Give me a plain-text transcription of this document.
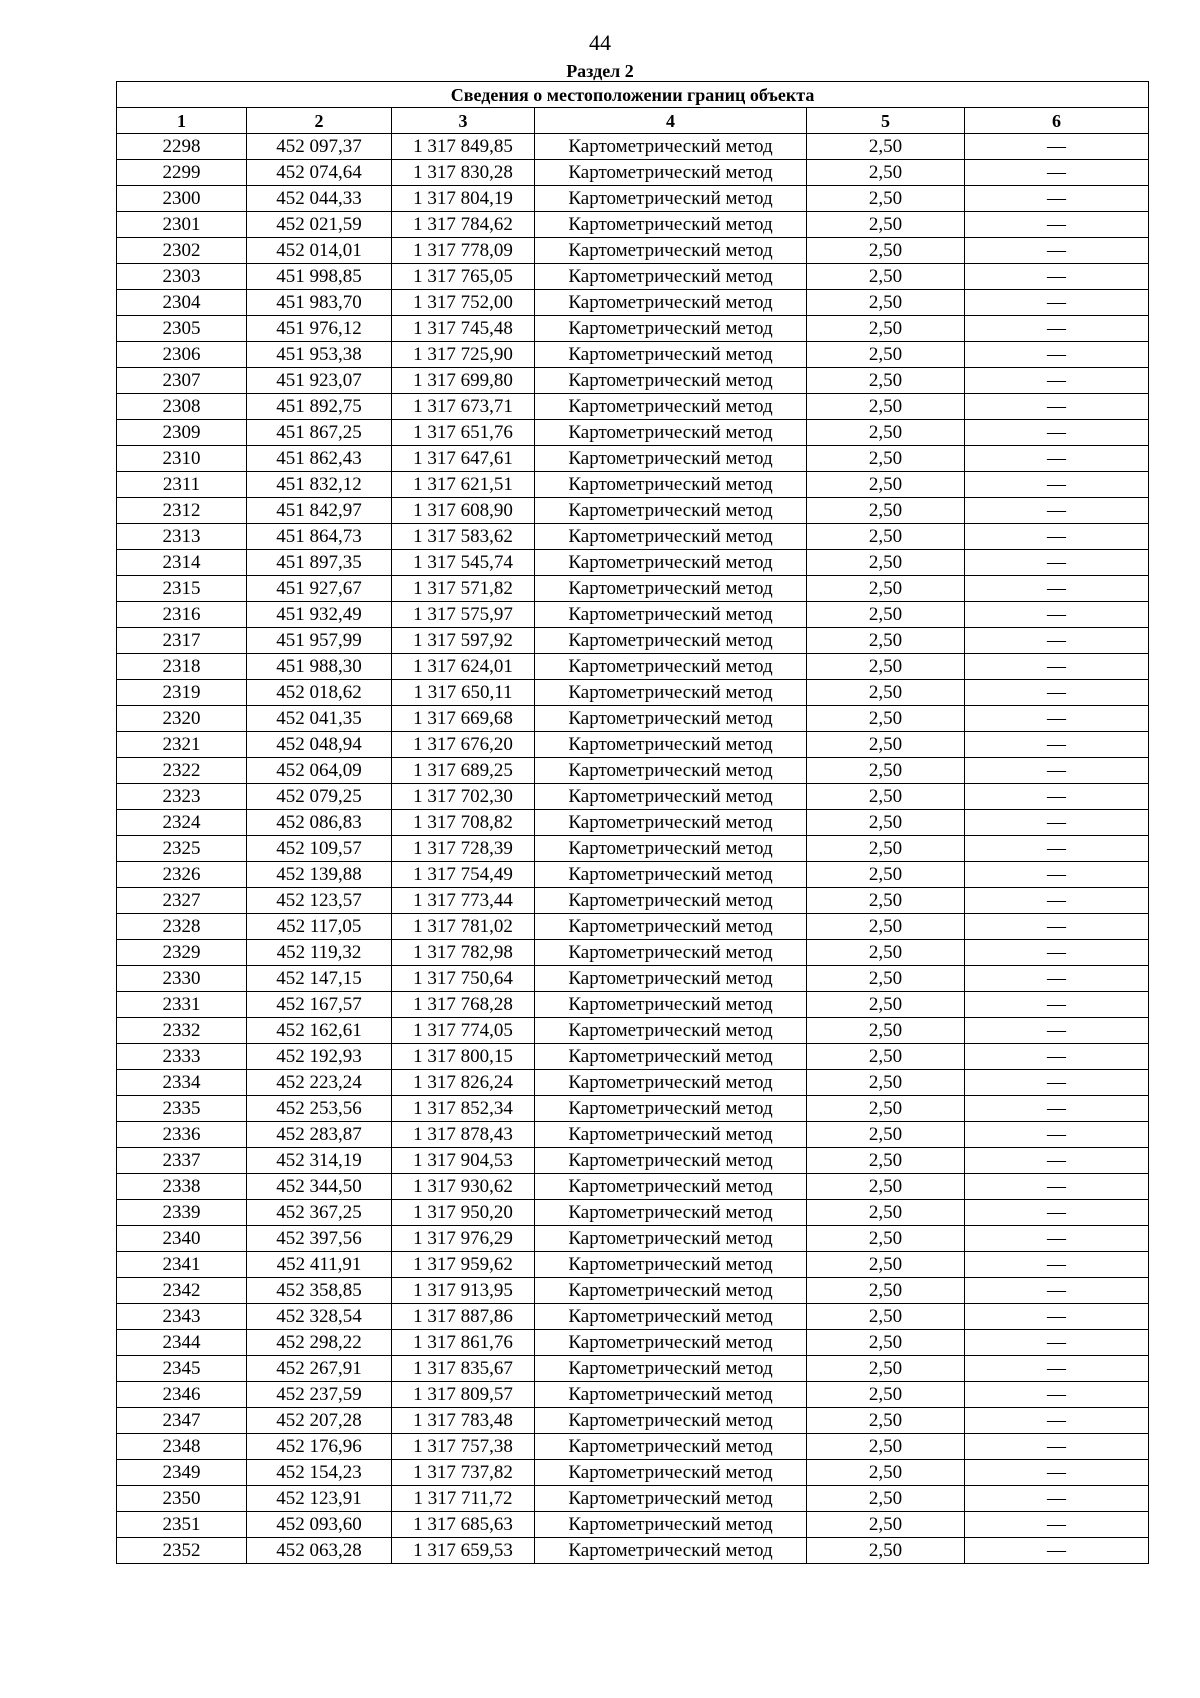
44
Раздел 2
Сведения о местоположении границ объекта					
1	2	3	4	5	6
2298	452 097,37	1 317 849,85	Картометрический метод	2,50	—
2299	452 074,64	1 317 830,28	Картометрический метод	2,50	—
2300	452 044,33	1 317 804,19	Картометрический метод	2,50	—
2301	452 021,59	1 317 784,62	Картометрический метод	2,50	—
2302	452 014,01	1 317 778,09	Картометрический метод	2,50	—
2303	451 998,85	1 317 765,05	Картометрический метод	2,50	—
2304	451 983,70	1 317 752,00	Картометрический метод	2,50	—
2305	451 976,12	1 317 745,48	Картометрический метод	2,50	—
2306	451 953,38	1 317 725,90	Картометрический метод	2,50	—
2307	451 923,07	1 317 699,80	Картометрический метод	2,50	—
2308	451 892,75	1 317 673,71	Картометрический метод	2,50	—
2309	451 867,25	1 317 651,76	Картометрический метод	2,50	—
2310	451 862,43	1 317 647,61	Картометрический метод	2,50	—
2311	451 832,12	1 317 621,51	Картометрический метод	2,50	—
2312	451 842,97	1 317 608,90	Картометрический метод	2,50	—
2313	451 864,73	1 317 583,62	Картометрический метод	2,50	—
2314	451 897,35	1 317 545,74	Картометрический метод	2,50	—
2315	451 927,67	1 317 571,82	Картометрический метод	2,50	—
2316	451 932,49	1 317 575,97	Картометрический метод	2,50	—
2317	451 957,99	1 317 597,92	Картометрический метод	2,50	—
2318	451 988,30	1 317 624,01	Картометрический метод	2,50	—
2319	452 018,62	1 317 650,11	Картометрический метод	2,50	—
2320	452 041,35	1 317 669,68	Картометрический метод	2,50	—
2321	452 048,94	1 317 676,20	Картометрический метод	2,50	—
2322	452 064,09	1 317 689,25	Картометрический метод	2,50	—
2323	452 079,25	1 317 702,30	Картометрический метод	2,50	—
2324	452 086,83	1 317 708,82	Картометрический метод	2,50	—
2325	452 109,57	1 317 728,39	Картометрический метод	2,50	—
2326	452 139,88	1 317 754,49	Картометрический метод	2,50	—
2327	452 123,57	1 317 773,44	Картометрический метод	2,50	—
2328	452 117,05	1 317 781,02	Картометрический метод	2,50	—
2329	452 119,32	1 317 782,98	Картометрический метод	2,50	—
2330	452 147,15	1 317 750,64	Картометрический метод	2,50	—
2331	452 167,57	1 317 768,28	Картометрический метод	2,50	—
2332	452 162,61	1 317 774,05	Картометрический метод	2,50	—
2333	452 192,93	1 317 800,15	Картометрический метод	2,50	—
2334	452 223,24	1 317 826,24	Картометрический метод	2,50	—
2335	452 253,56	1 317 852,34	Картометрический метод	2,50	—
2336	452 283,87	1 317 878,43	Картометрический метод	2,50	—
2337	452 314,19	1 317 904,53	Картометрический метод	2,50	—
2338	452 344,50	1 317 930,62	Картометрический метод	2,50	—
2339	452 367,25	1 317 950,20	Картометрический метод	2,50	—
2340	452 397,56	1 317 976,29	Картометрический метод	2,50	—
2341	452 411,91	1 317 959,62	Картометрический метод	2,50	—
2342	452 358,85	1 317 913,95	Картометрический метод	2,50	—
2343	452 328,54	1 317 887,86	Картометрический метод	2,50	—
2344	452 298,22	1 317 861,76	Картометрический метод	2,50	—
2345	452 267,91	1 317 835,67	Картометрический метод	2,50	—
2346	452 237,59	1 317 809,57	Картометрический метод	2,50	—
2347	452 207,28	1 317 783,48	Картометрический метод	2,50	—
2348	452 176,96	1 317 757,38	Картометрический метод	2,50	—
2349	452 154,23	1 317 737,82	Картометрический метод	2,50	—
2350	452 123,91	1 317 711,72	Картометрический метод	2,50	—
2351	452 093,60	1 317 685,63	Картометрический метод	2,50	—
2352	452 063,28	1 317 659,53	Картометрический метод	2,50	—
